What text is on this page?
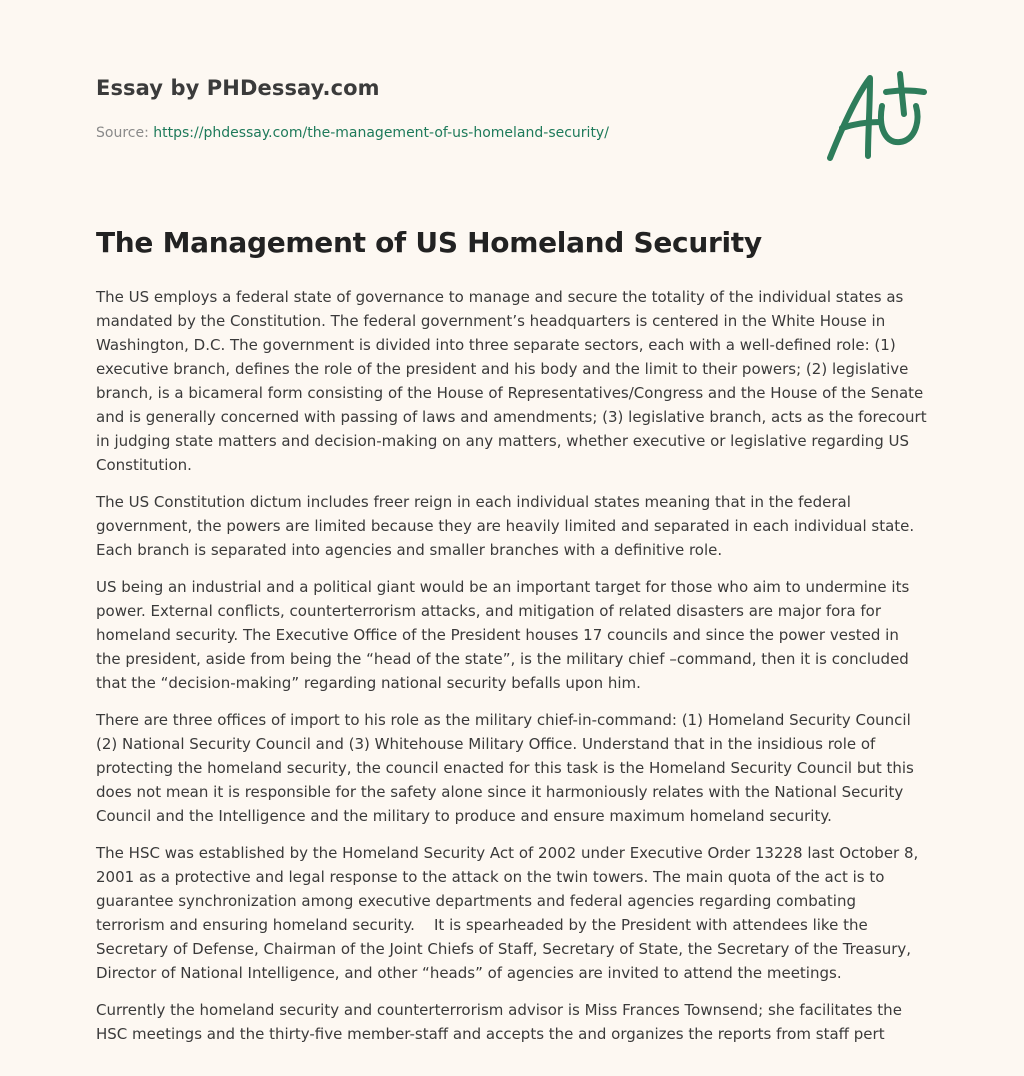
Essay by PHDessay.com

Source: https://phdessay.com/the-management-of-us-homeland-security/
The Management of US Homeland Security

The US employs a federal state of governance to manage and secure the totality of the individual states as mandated by the Constitution. The federal government’s headquarters is centered in the White House in Washington, D.C. The government is divided into three separate sectors, each with a well-defined role: (1) executive branch, defines the role of the president and his body and the limit to their powers; (2) legislative branch, is a bicameral form consisting of the House of Representatives/Congress and the House of the Senate and is generally concerned with passing of laws and amendments; (3) legislative branch, acts as the forecourt in judging state matters and decision-making on any matters, whether executive or legislative regarding US Constitution.

The US Constitution dictum includes freer reign in each individual states meaning that in the federal government, the powers are limited because they are heavily limited and separated in each individual state. Each branch is separated into agencies and smaller branches with a definitive role.

US being an industrial and a political giant would be an important target for those who aim to undermine its power. External conflicts, counterterrorism attacks, and mitigation of related disasters are major fora for homeland security. The Executive Office of the President houses 17 councils and since the power vested in the president, aside from being the “head of the state”, is the military chief –command, then it is concluded that the “decision-making” regarding national security befalls upon him.

There are three offices of import to his role as the military chief-in-command: (1) Homeland Security Council (2) National Security Council and (3) Whitehouse Military Office. Understand that in the insidious role of protecting the homeland security, the council enacted for this task is the Homeland Security Council but this does not mean it is responsible for the safety alone since it harmoniously relates with the National Security Council and the Intelligence and the military to produce and ensure maximum homeland security.

The HSC was established by the Homeland Security Act of 2002 under Executive Order 13228 last October 8, 2001 as a protective and legal response to the attack on the twin towers. The main quota of the act is to guarantee synchronization among executive departments and federal agencies regarding combating terrorism and ensuring homeland security.    It is spearheaded by the President with attendees like the Secretary of Defense, Chairman of the Joint Chiefs of Staff, Secretary of State, the Secretary of the Treasury, Director of National Intelligence, and other “heads” of agencies are invited to attend the meetings.

Currently the homeland security and counterterrorism advisor is Miss Frances Townsend; she facilitates the HSC meetings and the thirty-five member-staff and accepts the and organizes the reports from staff pert
